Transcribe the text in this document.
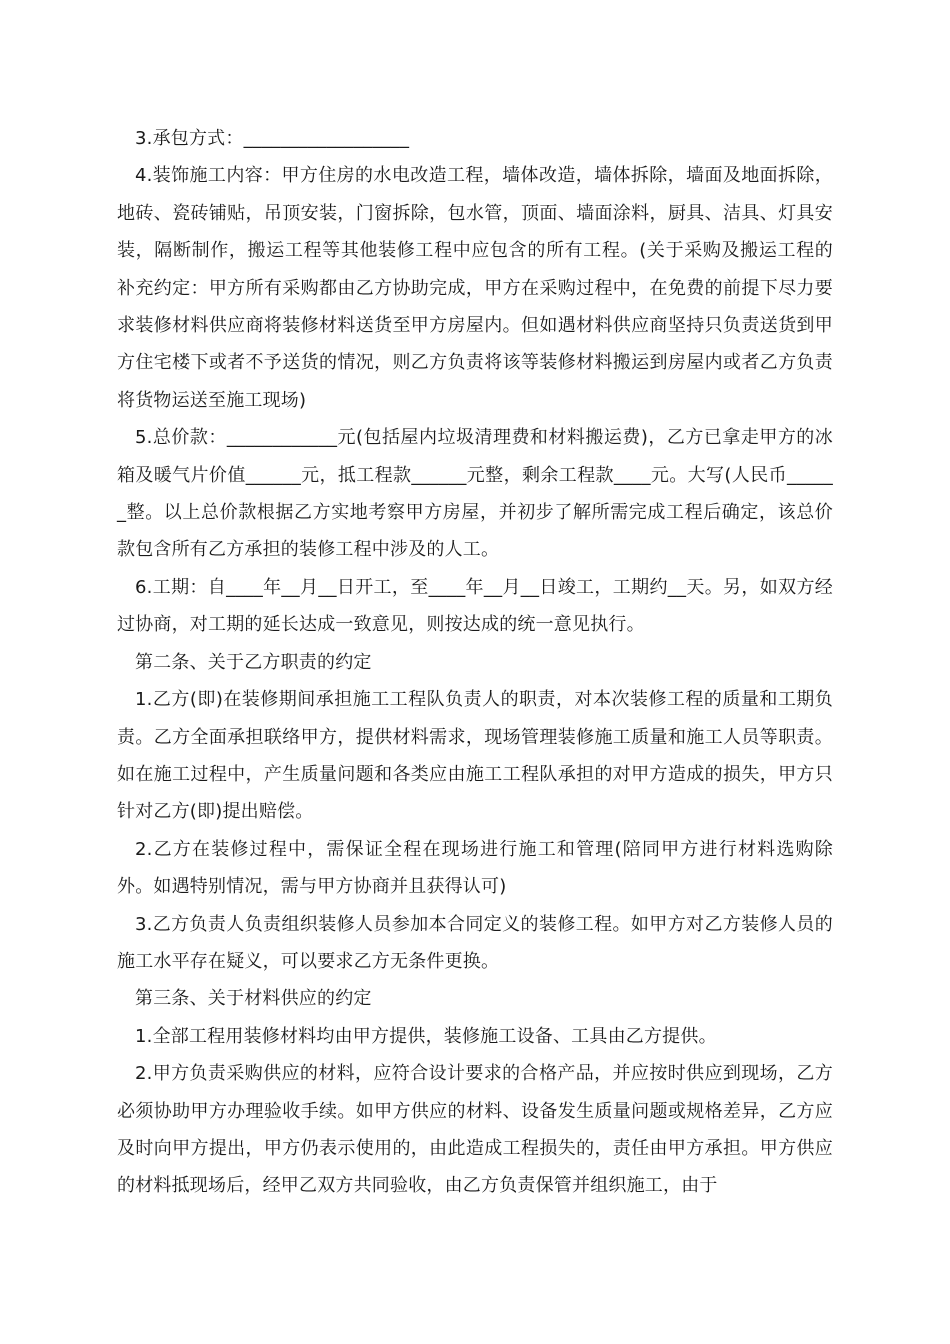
3.承包方式：__________________

4.装饰施工内容：甲方住房的水电改造工程，墙体改造，墙体拆除，墙面及地面拆除，地砖、瓷砖铺贴，吊顶安装，门窗拆除，包水管，顶面、墙面涂料，厨具、洁具、灯具安装，隔断制作，搬运工程等其他装修工程中应包含的所有工程。(关于采购及搬运工程的补充约定：甲方所有采购都由乙方协助完成，甲方在采购过程中，在免费的前提下尽力要求装修材料供应商将装修材料送货至甲方房屋内。但如遇材料供应商坚持只负责送货到甲方住宅楼下或者不予送货的情况，则乙方负责将该等装修材料搬运到房屋内或者乙方负责将货物运送至施工现场)

5.总价款：____________元(包括屋内垃圾清理费和材料搬运费)，乙方已拿走甲方的冰箱及暖气片价值______元，抵工程款______元整，剩余工程款____元。大写(人民币______整。以上总价款根据乙方实地考察甲方房屋，并初步了解所需完成工程后确定，该总价款包含所有乙方承担的装修工程中涉及的人工。

6.工期：自____年__月__日开工，至____年__月__日竣工，工期约__天。另，如双方经过协商，对工期的延长达成一致意见，则按达成的统一意见执行。

第二条、关于乙方职责的约定

1.乙方(即)在装修期间承担施工工程队负责人的职责，对本次装修工程的质量和工期负责。乙方全面承担联络甲方，提供材料需求，现场管理装修施工质量和施工人员等职责。如在施工过程中，产生质量问题和各类应由施工工程队承担的对甲方造成的损失，甲方只针对乙方(即)提出赔偿。

2.乙方在装修过程中，需保证全程在现场进行施工和管理(陪同甲方进行材料选购除外。如遇特别情况，需与甲方协商并且获得认可)

3.乙方负责人负责组织装修人员参加本合同定义的装修工程。如甲方对乙方装修人员的施工水平存在疑义，可以要求乙方无条件更换。

第三条、关于材料供应的约定

1.全部工程用装修材料均由甲方提供，装修施工设备、工具由乙方提供。

2.甲方负责采购供应的材料，应符合设计要求的合格产品，并应按时供应到现场，乙方必须协助甲方办理验收手续。如甲方供应的材料、设备发生质量问题或规格差异，乙方应及时向甲方提出，甲方仍表示使用的，由此造成工程损失的，责任由甲方承担。甲方供应的材料抵现场后，经甲乙双方共同验收，由乙方负责保管并组织施工，由于
